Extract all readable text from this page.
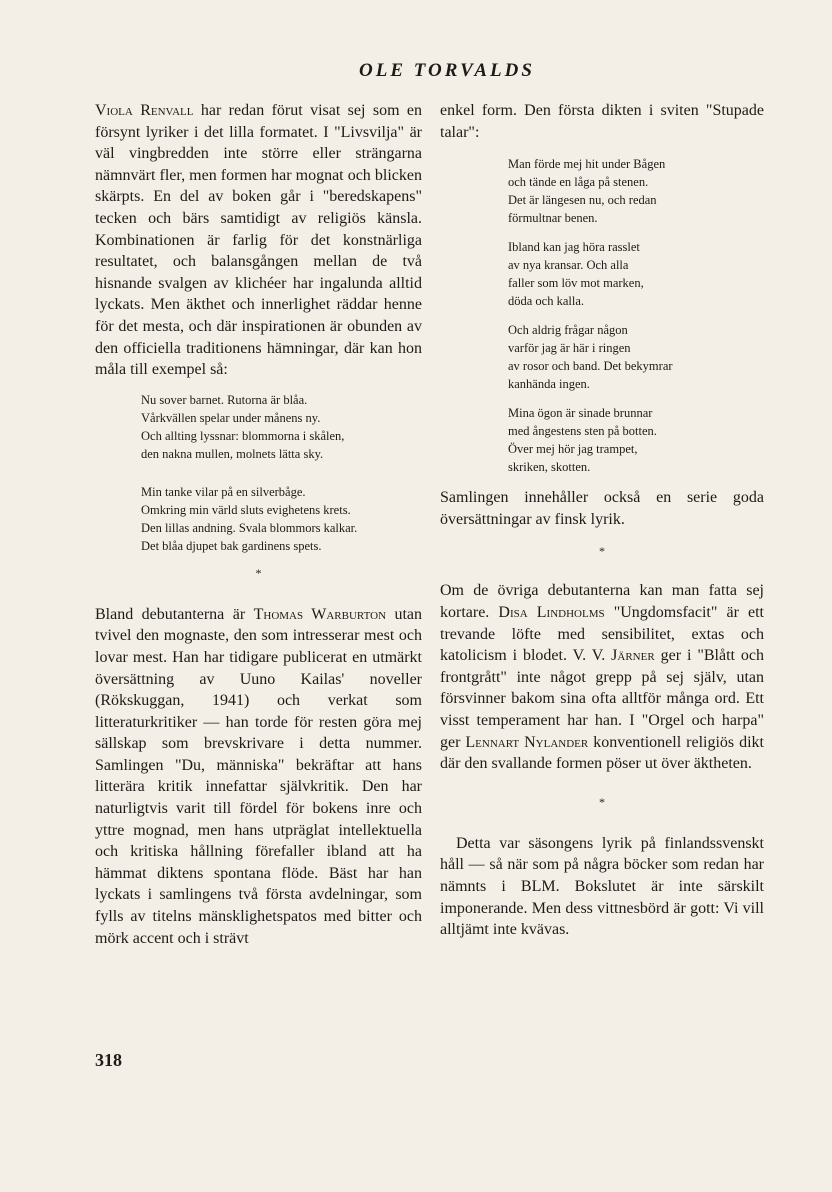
OLE TORVALDS

Viola Renvall har redan förut visat sej som en försynt lyriker i det lilla formatet. I "Livsvilja" är väl vingbredden inte större eller strängarna nämnvärt fler, men formen har mognat och blicken skärpts. En del av boken går i "beredskapens" tecken och bärs samtidigt av religiös känsla. Kombinationen är farlig för det konstnärliga resultatet, och balansgången mellan de två hisnande svalgen av klichéer har ingalunda alltid lyckats. Men äkthet och innerlighet räddar henne för det mesta, och där inspirationen är obunden av den officiella traditionens hämningar, där kan hon måla till exempel så:

Nu sover barnet. Rutorna är blåa.
Vårkvällen spelar under månens ny.
Och allting lyssnar: blommorna i skålen,
den nakna mullen, molnets lätta sky.
Min tanke vilar på en silverbåge.
Omkring min värld sluts evighetens krets.
Den lillas andning. Svala blommors kalkar.
Det blåa djupet bak gardinens spets.
*

Bland debutanterna är Thomas Warburton utan tvivel den mognaste, den som intresserar mest och lovar mest. Han har tidigare publicerat en utmärkt översättning av Uuno Kailas' noveller (Rökskuggan, 1941) och verkat som litteraturkritiker — han torde för resten göra mej sällskap som brevskrivare i detta nummer. Samlingen "Du, människa" bekräftar att hans litterära kritik innefattar självkritik. Den har naturligtvis varit till fördel för bokens inre och yttre mognad, men hans utpräglat intellektuella och kritiska hållning förefaller ibland att ha hämmat diktens spontana flöde. Bäst har han lyckats i samlingens två första avdelningar, som fylls av titelns mänsklighetspatos med bitter och mörk accent och i strävt

enkel form. Den första dikten i sviten "Stupade talar":

Man förde mej hit under Bågen
och tände en låga på stenen.
Det är längesen nu, och redan
förmultnar benen.
Ibland kan jag höra rasslet
av nya kransar. Och alla
faller som löv mot marken,
döda och kalla.
Och aldrig frågar någon
varför jag är här i ringen
av rosor och band. Det bekymrar
kanhända ingen.
Mina ögon är sinade brunnar
med ångestens sten på botten.
Över mej hör jag trampet,
skriken, skotten.

Samlingen innehåller också en serie goda översättningar av finsk lyrik.

*

Om de övriga debutanterna kan man fatta sej kortare. Disa Lindholms "Ungdomsfacit" är ett trevande löfte med sensibilitet, extas och katolicism i blodet. V. V. Järner ger i "Blått och frontgrått" inte något grepp på sej själv, utan försvinner bakom sina ofta alltför många ord. Ett visst temperament har han. I "Orgel och harpa" ger Lennart Nylander konventionell religiös dikt där den svallande formen pöser ut över äktheten.

*

Detta var säsongens lyrik på finlandssvenskt håll — så när som på några böcker som redan har nämnts i BLM. Bokslutet är inte särskilt imponerande. Men dess vittnesbörd är gott: Vi vill alltjämt inte kvävas.

318
